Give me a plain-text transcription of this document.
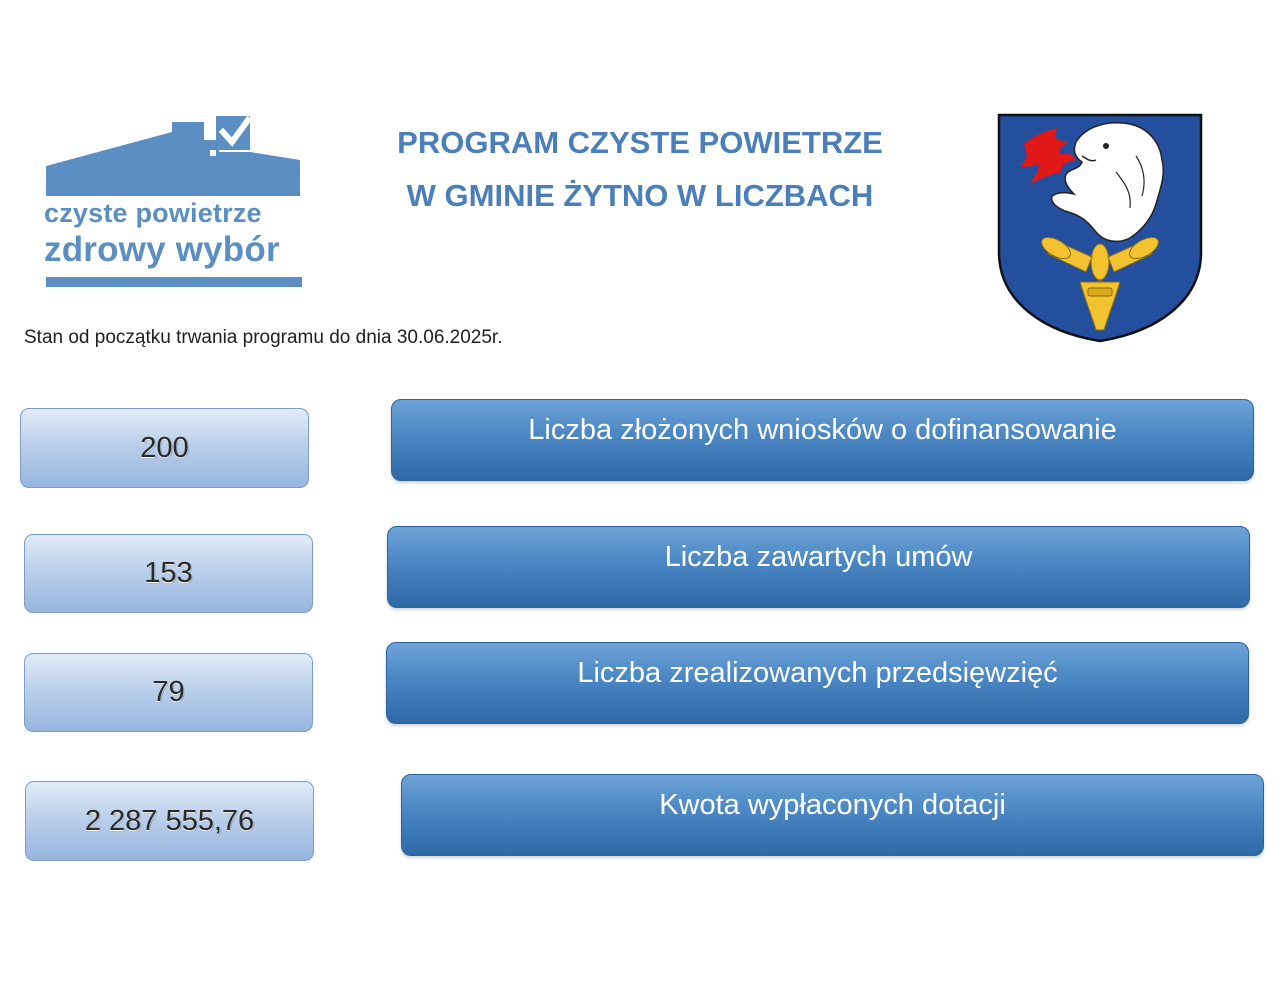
czyste powietrze
zdrowy wybór
PROGRAM CZYSTE POWIETRZE
W GMINIE ŻYTNO W LICZBACH
Stan od początku trwania programu do dnia 30.06.2025r.
200
Liczba złożonych wniosków o dofinansowanie
153	Liczba zawartych umów
79
Liczba zrealizowanych przedsięwzięć
2 287 555,76	Kwota wypłaconych dotacji
